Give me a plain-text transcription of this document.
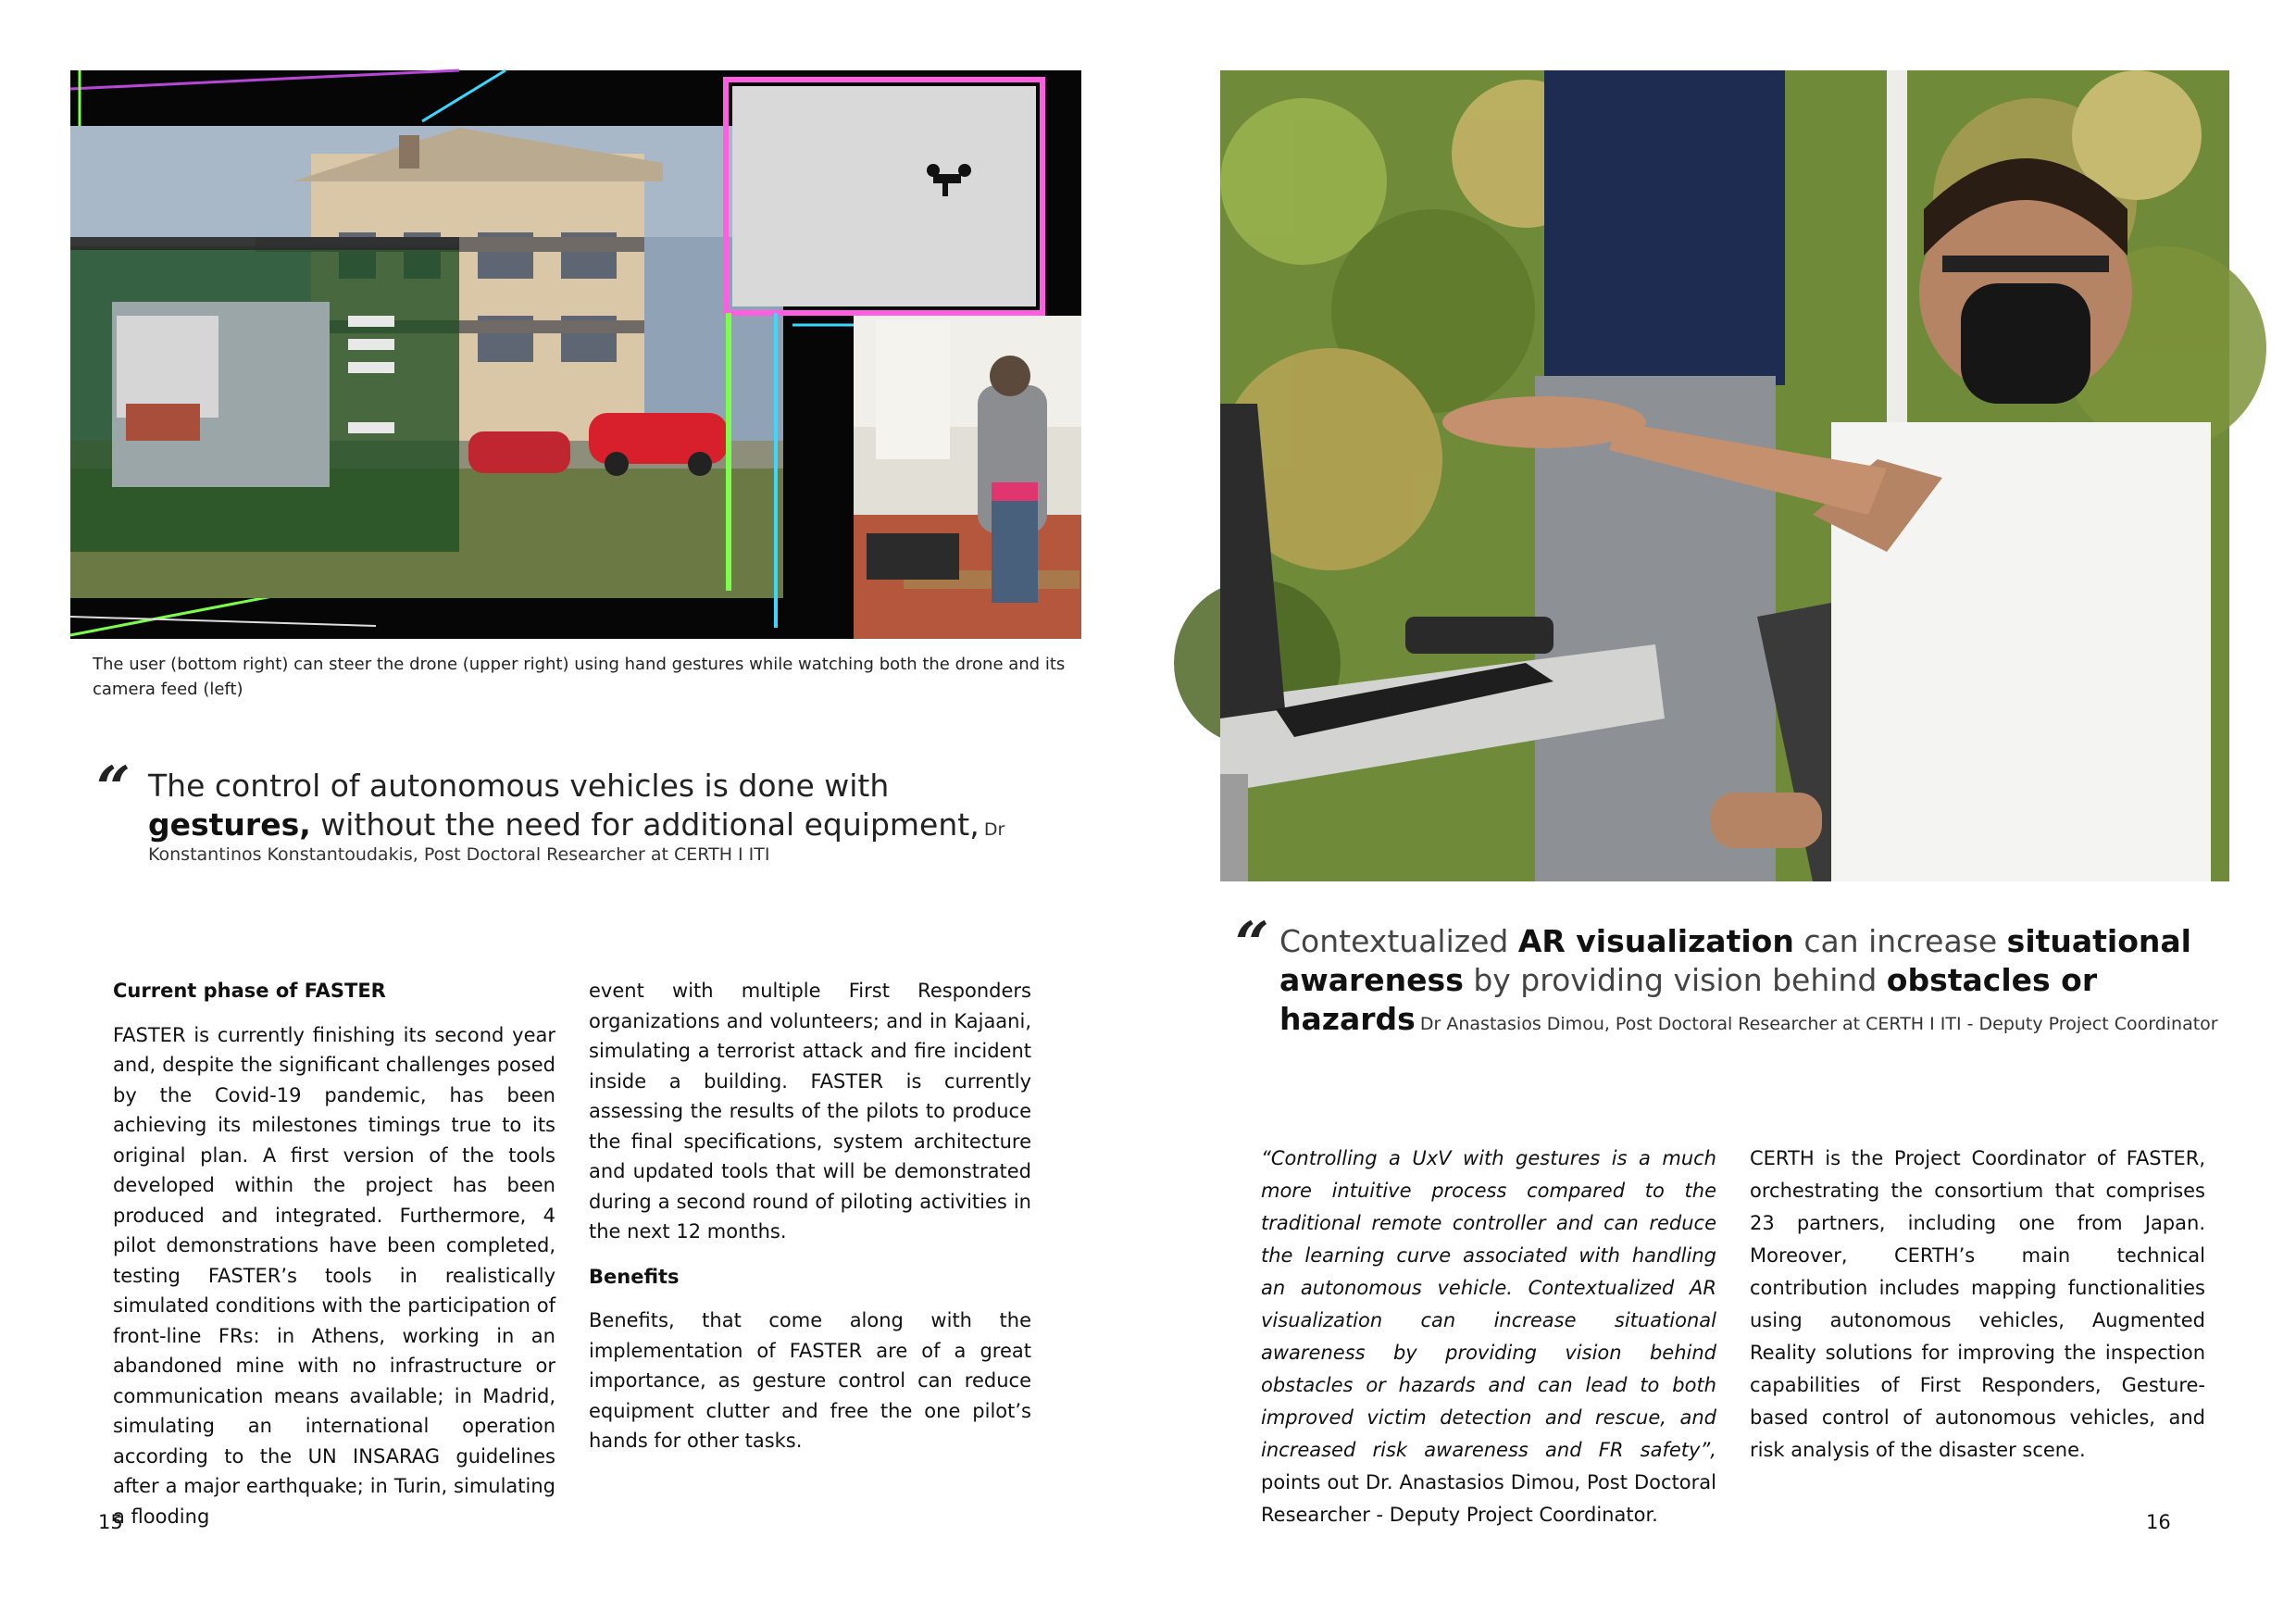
The user (bottom right) can steer the drone (upper right) using hand gestures while watching both the drone and its camera feed (left)
“ The control of autonomous vehicles is done with gestures, without the need for additional equipment, Dr Konstantinos Konstantoudakis, Post Doctoral Researcher at CERTH I ITI
“ Contextualized AR visualization can increase situational awareness by providing vision behind obstacles or hazards Dr Anastasios Dimou, Post Doctoral Researcher at CERTH I ITI - Deputy Project Coordinator
Current phase of FASTER

FASTER is currently finishing its second year and, despite the significant challenges posed by the Covid-19 pandemic, has been achieving its milestones timings true to its original plan. A first version of the tools developed within the project has been produced and integrated. Furthermore, 4 pilot demonstrations have been completed, testing FASTER’s tools in realistically simulated conditions with the participation of front-line FRs: in Athens, working in an abandoned mine with no infrastructure or communication means available; in Madrid, simulating an international operation according to the UN INSARAG guidelines after a major earthquake; in Turin, simulating a flooding

event with multiple First Responders organizations and volunteers; and in Kajaani, simulating a terrorist attack and fire incident inside a building. FASTER is currently assessing the results of the pilots to produce the final specifications, system architecture and updated tools that will be demonstrated during a second round of piloting activities in the next 12 months.

Benefits

Benefits, that come along with the implementation of FASTER are of a great importance, as gesture control can reduce equipment clutter and free the one pilot’s hands for other tasks.

“Controlling a UxV with gestures is a much more intuitive process compared to the traditional remote controller and can reduce the learning curve associated with handling an autonomous vehicle. Contextualized AR visualization can increase situational awareness by providing vision behind obstacles or hazards and can lead to both improved victim detection and rescue, and increased risk awareness and FR safety”, points out Dr. Anastasios Dimou, Post Doctoral Researcher - Deputy Project Coordinator.

CERTH is the Project Coordinator of FASTER, orchestrating the consortium that comprises 23 partners, including one from Japan. Moreover, CERTH’s main technical contribution includes mapping functionalities using autonomous vehicles, Augmented Reality solutions for improving the inspection capabilities of First Responders, Gesture-based control of autonomous vehicles, and risk analysis of the disaster scene.

15	16
